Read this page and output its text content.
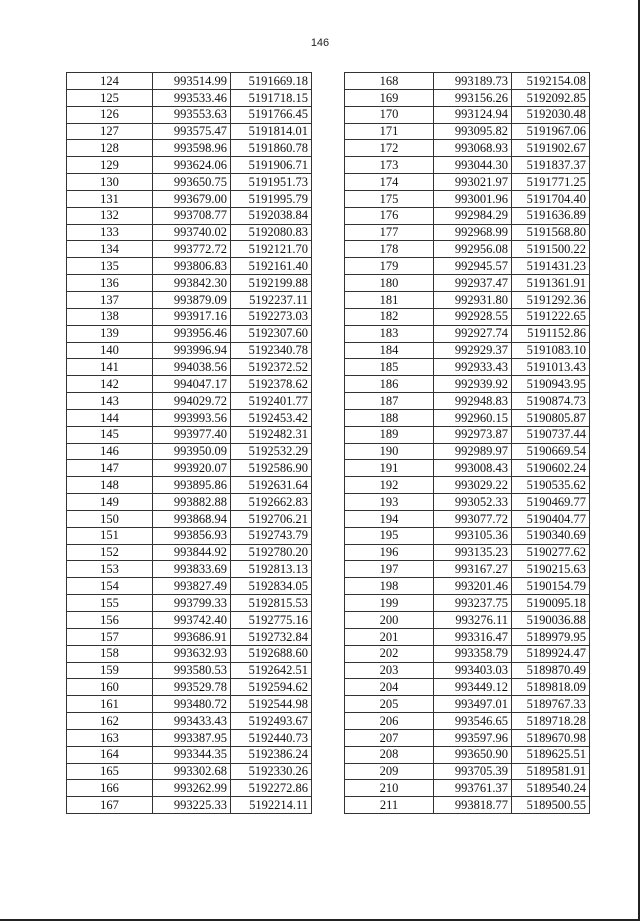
146
124	993514.99	5191669.18
125	993533.46	5191718.15
126	993553.63	5191766.45
127	993575.47	5191814.01
128	993598.96	5191860.78
129	993624.06	5191906.71
130	993650.75	5191951.73
131	993679.00	5191995.79
132	993708.77	5192038.84
133	993740.02	5192080.83
134	993772.72	5192121.70
135	993806.83	5192161.40
136	993842.30	5192199.88
137	993879.09	5192237.11
138	993917.16	5192273.03
139	993956.46	5192307.60
140	993996.94	5192340.78
141	994038.56	5192372.52
142	994047.17	5192378.62
143	994029.72	5192401.77
144	993993.56	5192453.42
145	993977.40	5192482.31
146	993950.09	5192532.29
147	993920.07	5192586.90
148	993895.86	5192631.64
149	993882.88	5192662.83
150	993868.94	5192706.21
151	993856.93	5192743.79
152	993844.92	5192780.20
153	993833.69	5192813.13
154	993827.49	5192834.05
155	993799.33	5192815.53
156	993742.40	5192775.16
157	993686.91	5192732.84
158	993632.93	5192688.60
159	993580.53	5192642.51
160	993529.78	5192594.62
161	993480.72	5192544.98
162	993433.43	5192493.67
163	993387.95	5192440.73
164	993344.35	5192386.24
165	993302.68	5192330.26
166	993262.99	5192272.86
167	993225.33	5192214.11
168	993189.73	5192154.08
169	993156.26	5192092.85
170	993124.94	5192030.48
171	993095.82	5191967.06
172	993068.93	5191902.67
173	993044.30	5191837.37
174	993021.97	5191771.25
175	993001.96	5191704.40
176	992984.29	5191636.89
177	992968.99	5191568.80
178	992956.08	5191500.22
179	992945.57	5191431.23
180	992937.47	5191361.91
181	992931.80	5191292.36
182	992928.55	5191222.65
183	992927.74	5191152.86
184	992929.37	5191083.10
185	992933.43	5191013.43
186	992939.92	5190943.95
187	992948.83	5190874.73
188	992960.15	5190805.87
189	992973.87	5190737.44
190	992989.97	5190669.54
191	993008.43	5190602.24
192	993029.22	5190535.62
193	993052.33	5190469.77
194	993077.72	5190404.77
195	993105.36	5190340.69
196	993135.23	5190277.62
197	993167.27	5190215.63
198	993201.46	5190154.79
199	993237.75	5190095.18
200	993276.11	5190036.88
201	993316.47	5189979.95
202	993358.79	5189924.47
203	993403.03	5189870.49
204	993449.12	5189818.09
205	993497.01	5189767.33
206	993546.65	5189718.28
207	993597.96	5189670.98
208	993650.90	5189625.51
209	993705.39	5189581.91
210	993761.37	5189540.24
211	993818.77	5189500.55
